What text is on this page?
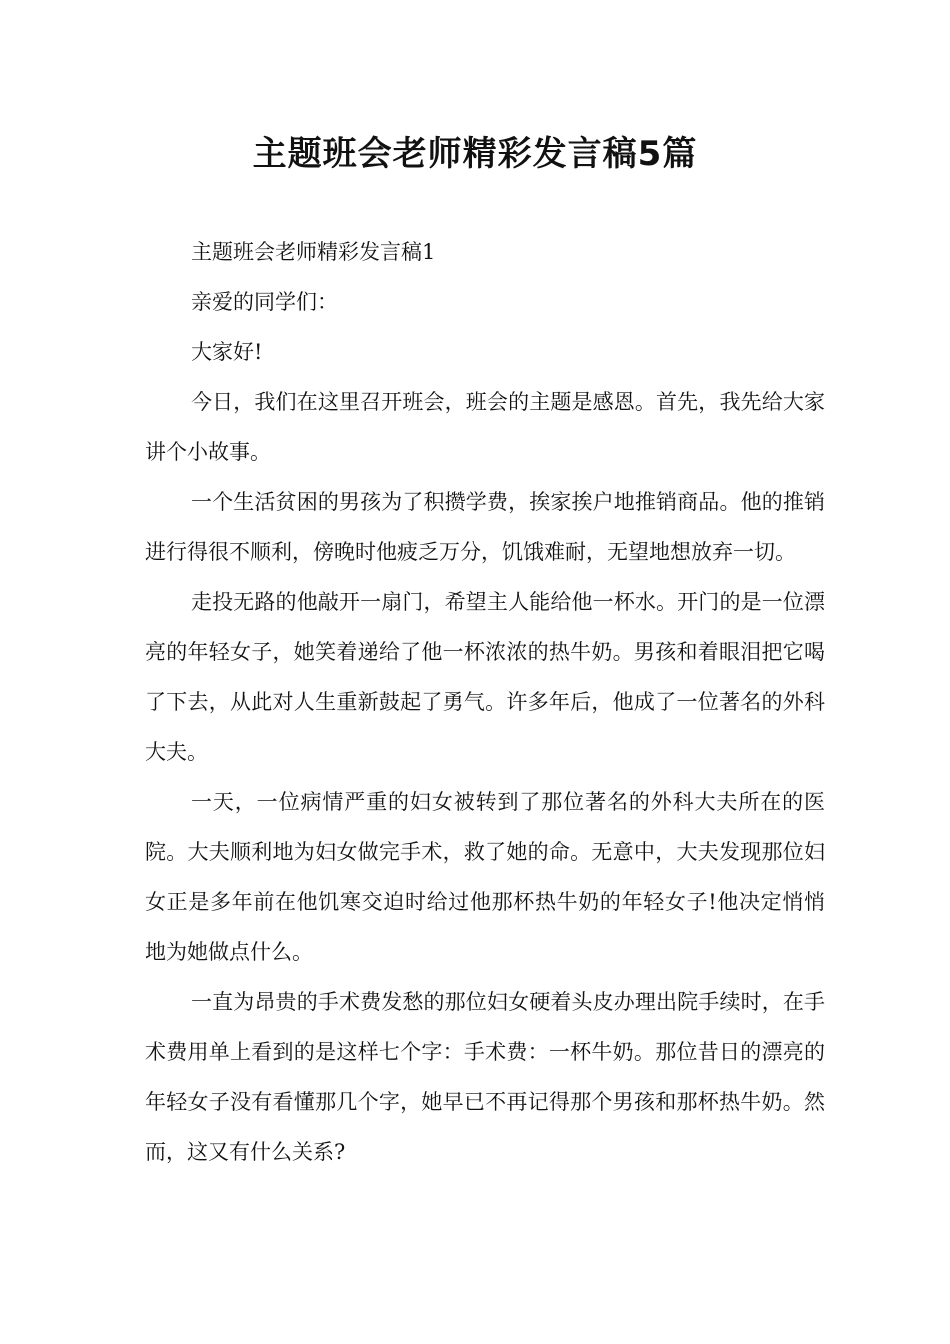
主题班会老师精彩发言稿5篇

主题班会老师精彩发言稿1

亲爱的同学们：

大家好!

今日，我们在这里召开班会，班会的主题是感恩。首先，我先给大家讲个小故事。

一个生活贫困的男孩为了积攒学费，挨家挨户地推销商品。他的推销进行得很不顺利，傍晚时他疲乏万分，饥饿难耐，无望地想放弃一切。

走投无路的他敲开一扇门，希望主人能给他一杯水。开门的是一位漂亮的年轻女子，她笑着递给了他一杯浓浓的热牛奶。男孩和着眼泪把它喝了下去，从此对人生重新鼓起了勇气。许多年后，他成了一位著名的外科大夫。

一天，一位病情严重的妇女被转到了那位著名的外科大夫所在的医院。大夫顺利地为妇女做完手术，救了她的命。无意中，大夫发现那位妇女正是多年前在他饥寒交迫时给过他那杯热牛奶的年轻女子!他决定悄悄地为她做点什么。

一直为昂贵的手术费发愁的那位妇女硬着头皮办理出院手续时，在手术费用单上看到的是这样七个字：手术费：一杯牛奶。那位昔日的漂亮的年轻女子没有看懂那几个字，她早已不再记得那个男孩和那杯热牛奶。然而，这又有什么关系?
